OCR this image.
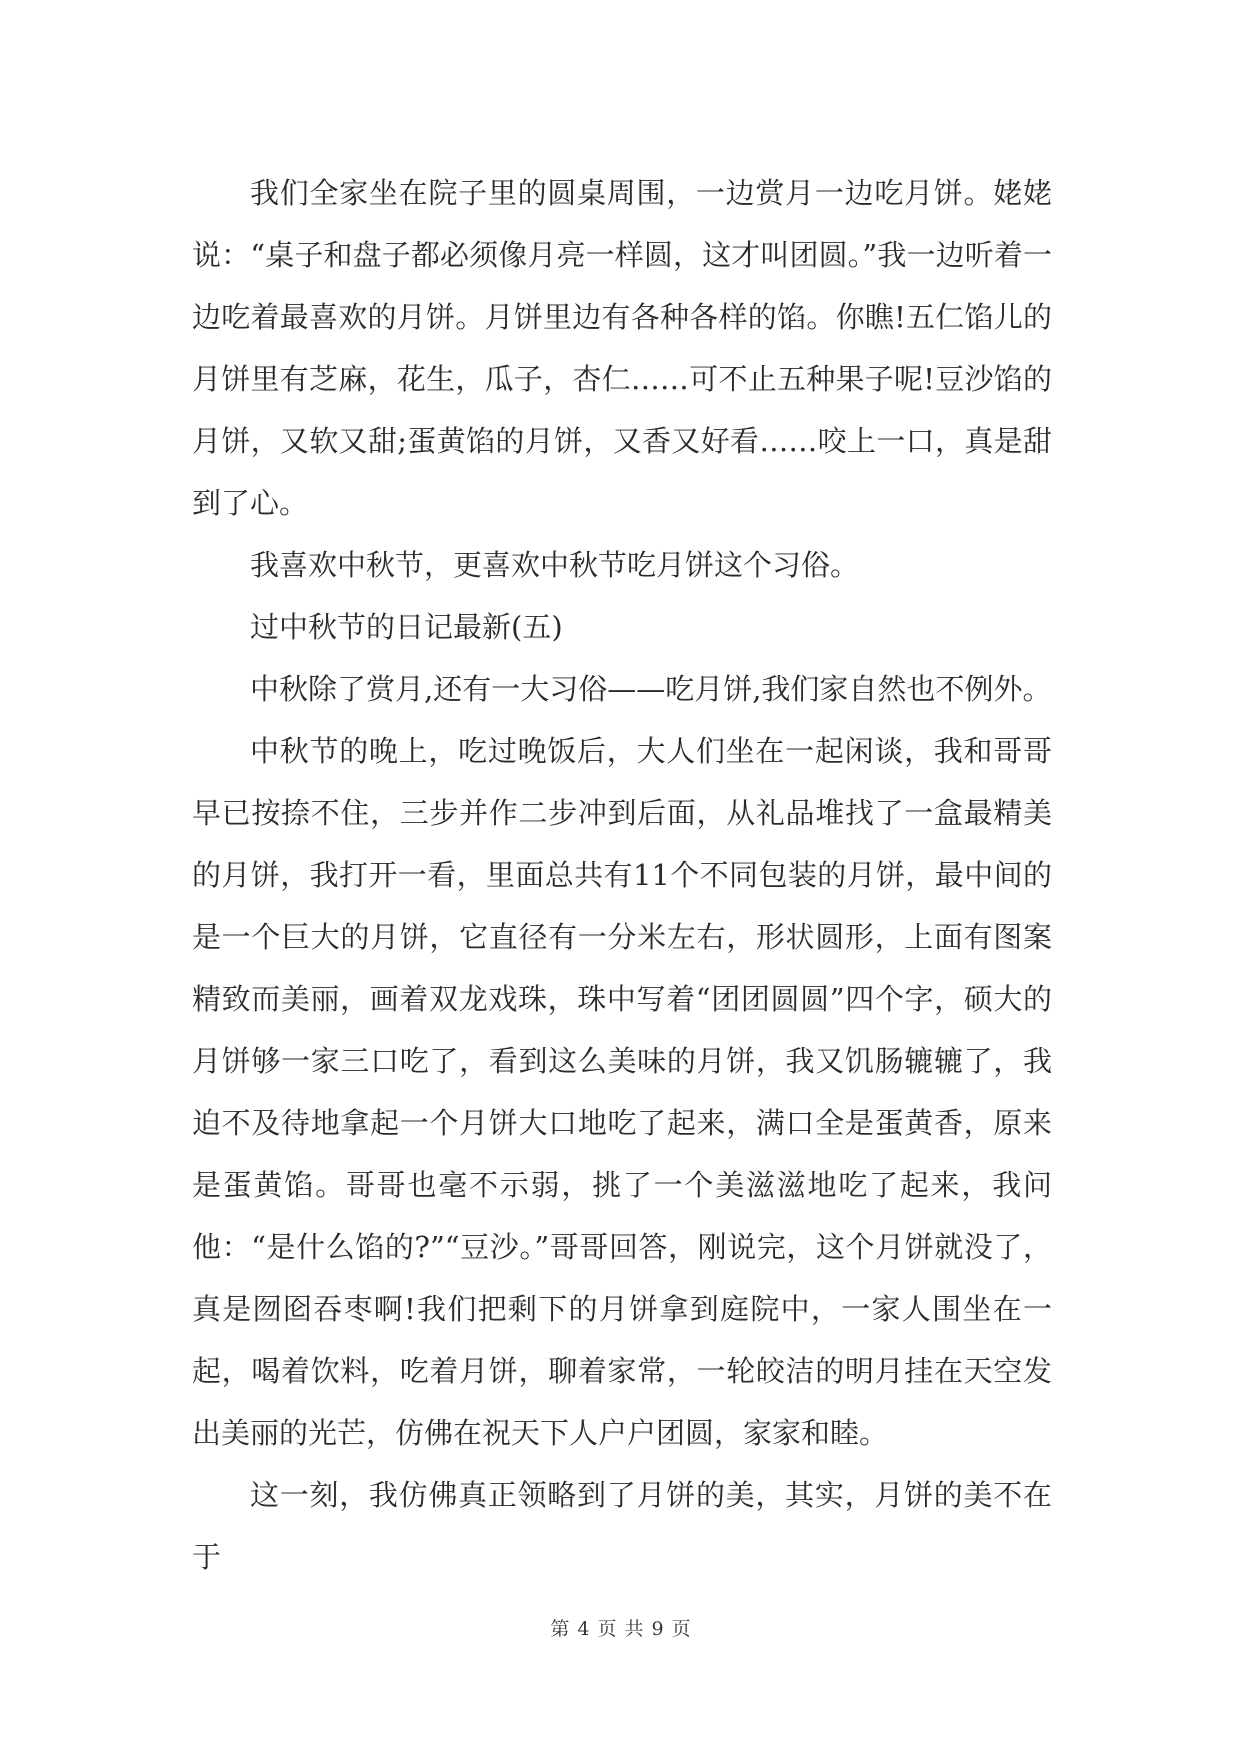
我们全家坐在院子里的圆桌周围，一边赏月一边吃月饼。姥姥说：“桌子和盘子都必须像月亮一样圆，这才叫团圆。”我一边听着一边吃着最喜欢的月饼。月饼里边有各种各样的馅。你瞧!五仁馅儿的月饼里有芝麻，花生，瓜子，杏仁……可不止五种果子呢!豆沙馅的月饼，又软又甜;蛋黄馅的月饼，又香又好看……咬上一口，真是甜到了心。

我喜欢中秋节，更喜欢中秋节吃月饼这个习俗。

过中秋节的日记最新(五)

中秋除了赏月,还有一大习俗——吃月饼,我们家自然也不例外。

中秋节的晚上，吃过晚饭后，大人们坐在一起闲谈，我和哥哥早已按捺不住，三步并作二步冲到后面，从礼品堆找了一盒最精美的月饼，我打开一看，里面总共有11个不同包装的月饼，最中间的是一个巨大的月饼，它直径有一分米左右，形状圆形，上面有图案精致而美丽，画着双龙戏珠，珠中写着“团团圆圆”四个字，硕大的月饼够一家三口吃了，看到这么美味的月饼，我又饥肠辘辘了，我迫不及待地拿起一个月饼大口地吃了起来，满口全是蛋黄香，原来是蛋黄馅。哥哥也毫不示弱，挑了一个美滋滋地吃了起来，我问他：“是什么馅的?”“豆沙。”哥哥回答，刚说完，这个月饼就没了，真是囫囵吞枣啊!我们把剩下的月饼拿到庭院中，一家人围坐在一起，喝着饮料，吃着月饼，聊着家常，一轮皎洁的明月挂在天空发出美丽的光芒，仿佛在祝天下人户户团圆，家家和睦。

这一刻，我仿佛真正领略到了月饼的美，其实，月饼的美不在于

第 4 页 共 9 页
